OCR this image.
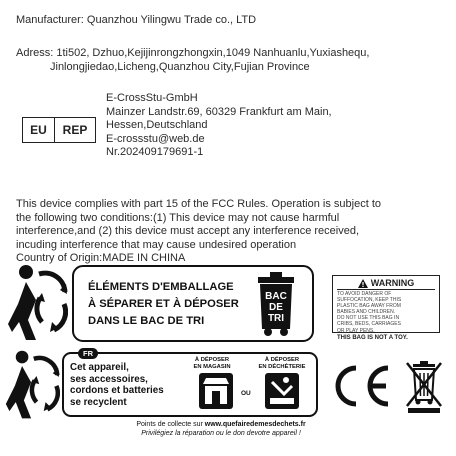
Manufacturer: Quanzhou Yilingwu Trade co., LTD
Adress: 1ti502, Dzhuo,Kejijinrongzhongxin,1049 Nanhuanlu,Yuxiashequ,
Jinlongjiedao,Licheng,Quanzhou City,Fujian Province
EU	REP
E-CrossStu-GmbH
Mainzer Landstr.69, 60329 Frankfurt am Main,
Hessen,Deutschland
E-crossstu@web.de
Nr.202409179691-1
This device complies with part 15 of the FCC Rules. Operation is subject to
the following two conditions:(1) This device may not cause harmful
interference,and (2) this device must accept any interference received,
incuding interference that may cause undesired operation
Country of Origin:MADE IN CHINA
ÉLÉMENTS D'EMBALLAGE
À SÉPARER ET À DÉPOSER
DANS LE BAC DE TRI
BAC
DE
TRI
WARNING
TO AVOID DANGER OF
SUFFOCATION, KEEP THIS
PLASTIC BAG AWAY FROM
BABIES AND CHILDREN.
DO NOT USE THIS BAG IN
CRIBS, BEDS, CARRIAGES
OR PLAY PENS.
THIS BAG IS NOT A TOY.
FR
Cet appareil,
ses accessoires,
cordons et batteries
se recyclent
À DÉPOSER
EN MAGASIN
À DÉPOSER
EN DÉCHÈTERIE
OU
Points de collecte sur www.quefairedemesdechets.fr
Privilégiez la réparation ou le don devotre appareil !
